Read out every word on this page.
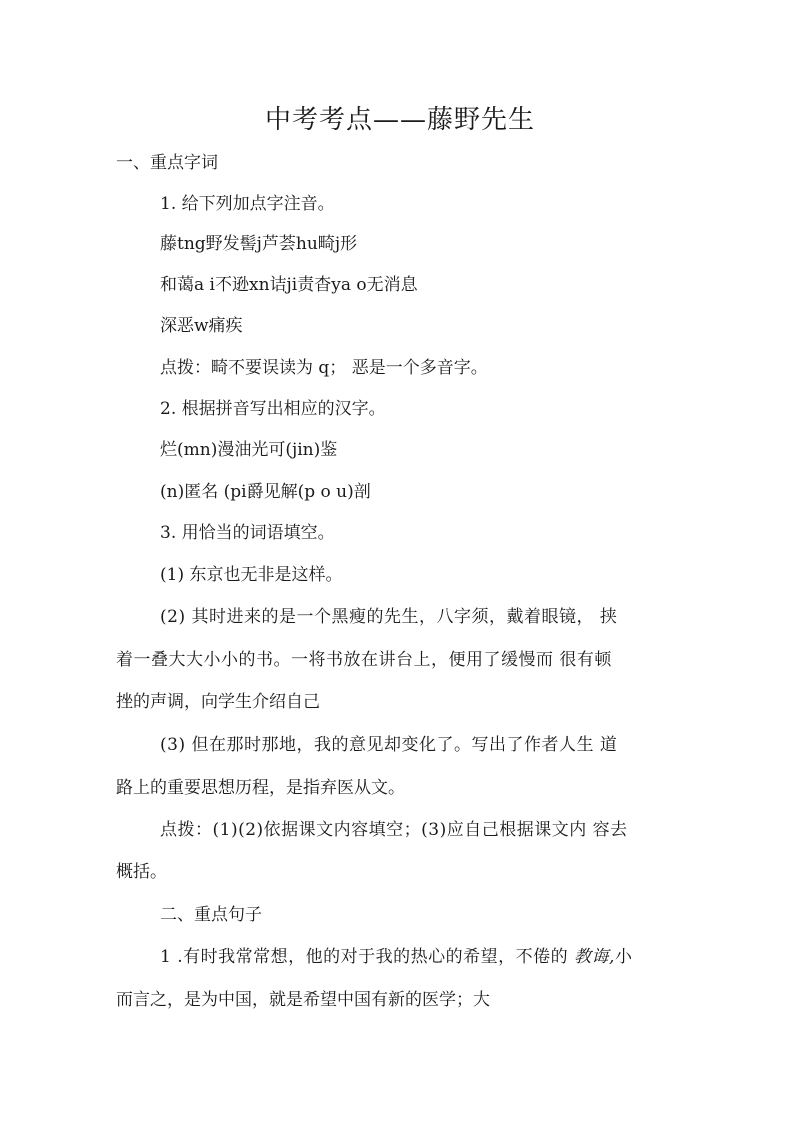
中考考点——藤野先生
一、重点字词
1. 给下列加点字注音。
藤tng野发髻j芦荟hu畸j形
和蔼a i不逊xn诘ji责杳ya o无消息
深恶w痛疾
点拨：畸不要误读为 q； 恶是一个多音字。
2. 根据拼音写出相应的汉字。
烂(mn)漫油光可(jin)鉴
(n)匿名 (pi爵见解(p o u)剖
3. 用恰当的词语填空。
(1) 东京也无非是这样。
(2) 其时进来的是一个黑瘦的先生，八字须，戴着眼镜， 挟
着一叠大大小小的书。一将书放在讲台上，便用了缓慢而 很有顿
挫的声调，向学生介绍自己
(3) 但在那时那地，我的意见却变化了。写出了作者人生 道
路上的重要思想历程，是指弃医从文。
点拨：(1)(2)依据课文内容填空；(3)应自己根据课文内 容去
概括。
二、重点句子
1 .有时我常常想，他的对于我的热心的希望，不倦的 教诲,小
而言之，是为中国，就是希望中国有新的医学；大
